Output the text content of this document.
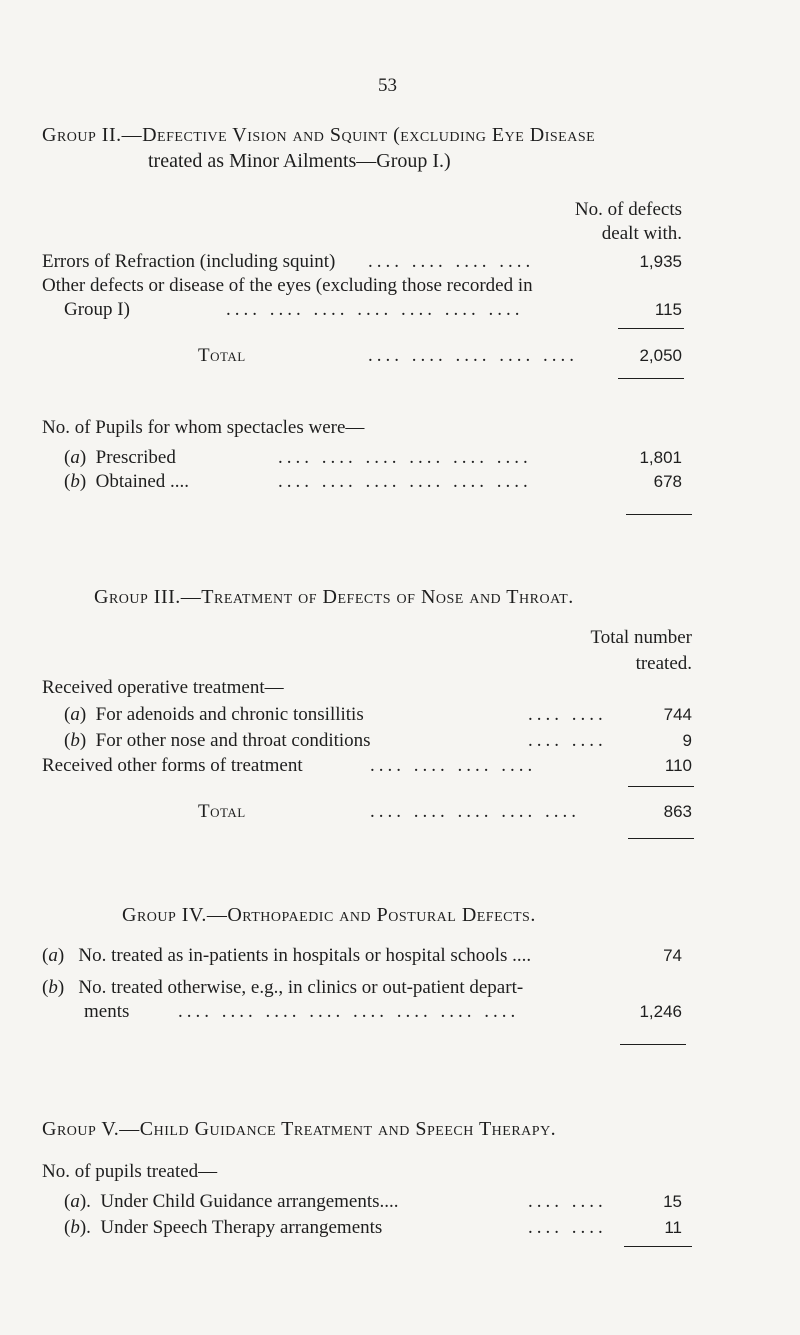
53
Group II.—Defective Vision and Squint (excluding Eye Disease
treated as Minor Ailments—Group I.)
No. of defects
dealt with.
Errors of Refraction (including squint) .... .... .... ....	1,935
Other defects or disease of the eyes (excluding those recorded in
Group I)	.... .... .... .... .... .... ....	115
Total	.... .... .... .... ....	2,050
No. of Pupils for whom spectacles were—
(a)  Prescribed	.... .... .... .... .... ....	1,801
(b)  Obtained ....	.... .... .... .... .... ....	678
Group III.—Treatment of Defects of Nose and Throat.
Total number
treated.
Received operative treatment—
(a)  For adenoids and chronic tonsillitis	.... ....	744
(b)  For other nose and throat conditions	.... ....	9
Received other forms of treatment	.... .... .... ....	110
Total	.... .... .... .... ....	863
Group IV.—Orthopaedic and Postural Defects.
(a)   No. treated as in-patients in hospitals or hospital schools ....	74
(b)   No. treated otherwise, e.g., in clinics or out-patient depart-
ments	.... .... .... .... .... .... .... ....	1,246
Group V.—Child Guidance Treatment and Speech Therapy.
No. of pupils treated—
(a).  Under Child Guidance arrangements....	.... ....	15
(b).  Under Speech Therapy arrangements	.... ....	11
